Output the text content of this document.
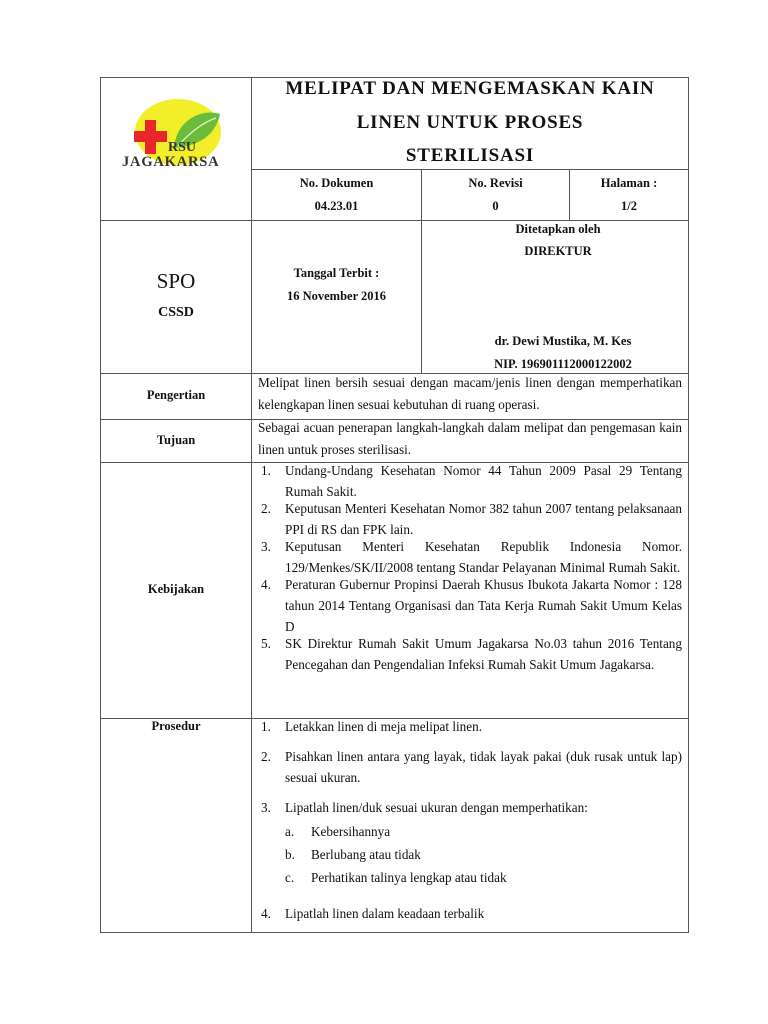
RSU
JAGAKARSA
MELIPAT DAN MENGEMASKAN KAIN
LINEN UNTUK PROSES
STERILISASI
No. Dokumen
04.23.01
No. Revisi
0
Halaman :
1/2
SPO
CSSD
Tanggal Terbit :
16 November 2016
Ditetapkan oleh
DIREKTUR
dr. Dewi Mustika, M. Kes
NIP. 196901112000122002
Pengertian
Melipat linen bersih sesuai dengan macam/jenis linen dengan memperhatikan kelengkapan linen sesuai kebutuhan di ruang operasi.
Tujuan
Sebagai acuan penerapan langkah-langkah dalam melipat dan pengemasan kain linen untuk proses sterilisasi.
Kebijakan
1. Undang-Undang Kesehatan Nomor 44 Tahun 2009 Pasal 29 Tentang Rumah Sakit.
2. Keputusan Menteri Kesehatan Nomor 382 tahun 2007 tentang pelaksanaan PPI di RS dan FPK lain.
3. Keputusan Menteri Kesehatan Republik Indonesia Nomor. 129/Menkes/SK/II/2008 tentang Standar Pelayanan Minimal Rumah Sakit.
4. Peraturan Gubernur Propinsi Daerah Khusus Ibukota Jakarta Nomor : 128 tahun 2014 Tentang Organisasi dan Tata Kerja Rumah Sakit Umum Kelas D
5. SK Direktur Rumah Sakit Umum Jagakarsa No.03 tahun 2016 Tentang Pencegahan dan Pengendalian Infeksi Rumah Sakit Umum Jagakarsa.
Prosedur	1. Letakkan linen di meja melipat linen.
2. Pisahkan linen antara yang layak, tidak layak pakai (duk rusak untuk lap) sesuai ukuran.
3. Lipatlah linen/duk sesuai ukuran dengan memperhatikan:
a. Kebersihannya
b. Berlubang atau tidak
c. Perhatikan talinya lengkap atau tidak
4. Lipatlah linen dalam keadaan terbalik
